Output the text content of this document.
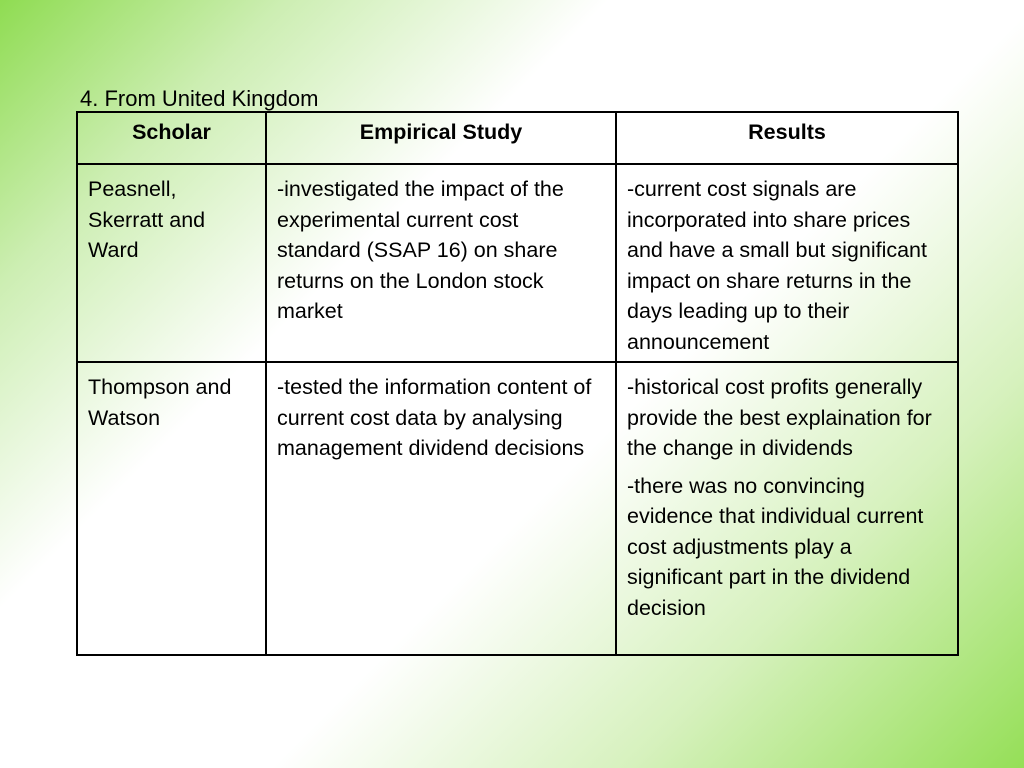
4. From United Kingdom
Scholar	Empirical Study	Results

Peasnell, Skerratt and Ward	-investigated the impact of the experimental current cost standard (SSAP 16) on share returns on the London stock market	-current cost signals are incorporated into share prices and have a small but significant impact on share returns in the days leading up to their announcement

Thompson and Watson	-tested the information content of current cost data by analysing management dividend decisions	-historical cost profits generally provide the best explaination for the change in dividends
-there was no convincing evidence that individual current cost adjustments play a significant part in the dividend decision
